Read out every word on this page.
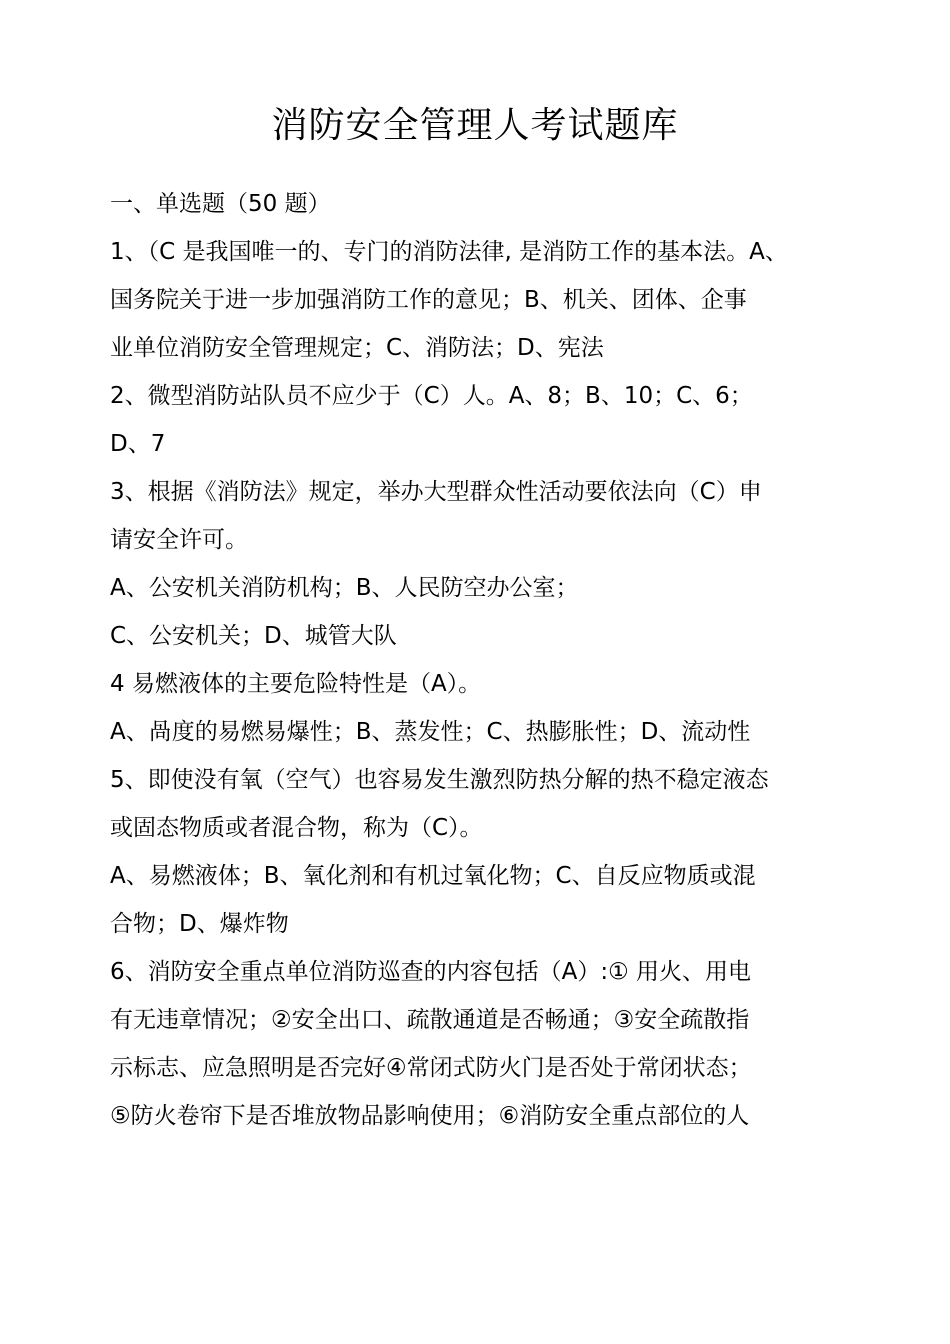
消防安全管理人考试题库
一、单选题（50 题）
1、（C 是我国唯一的、专门的消防法律, 是消防工作的基本法。A、
国务院关于进一步加强消防工作的意见；B、机关、团体、企事
业单位消防安全管理规定；C、消防法；D、宪法
2、微型消防站队员不应少于（C）人。A、8；B、10；C、6；
D、7
3、根据《消防法》规定，举办大型群众性活动要依法向（C）申
请安全许可。
A、公安机关消防机构；B、人民防空办公室；
C、公安机关；D、城管大队
4 易燃液体的主要危险特性是（A）。
A、咼度的易燃易爆性；B、蒸发性；C、热膨胀性；D、流动性
5、即使没有氧（空气）也容易发生激烈防热分解的热不稳定液态
或固态物质或者混合物，称为（C）。
A、易燃液体；B、氧化剂和有机过氧化物；C、自反应物质或混
合物；D、爆炸物
6、消防安全重点单位消防巡查的内容包括（A）:① 用火、用电
有无违章情况；②安全出口、疏散通道是否畅通；③安全疏散指
示标志、应急照明是否完好④常闭式防火门是否处于常闭状态；
⑤防火卷帘下是否堆放物品影响使用；⑥消防安全重点部位的人
